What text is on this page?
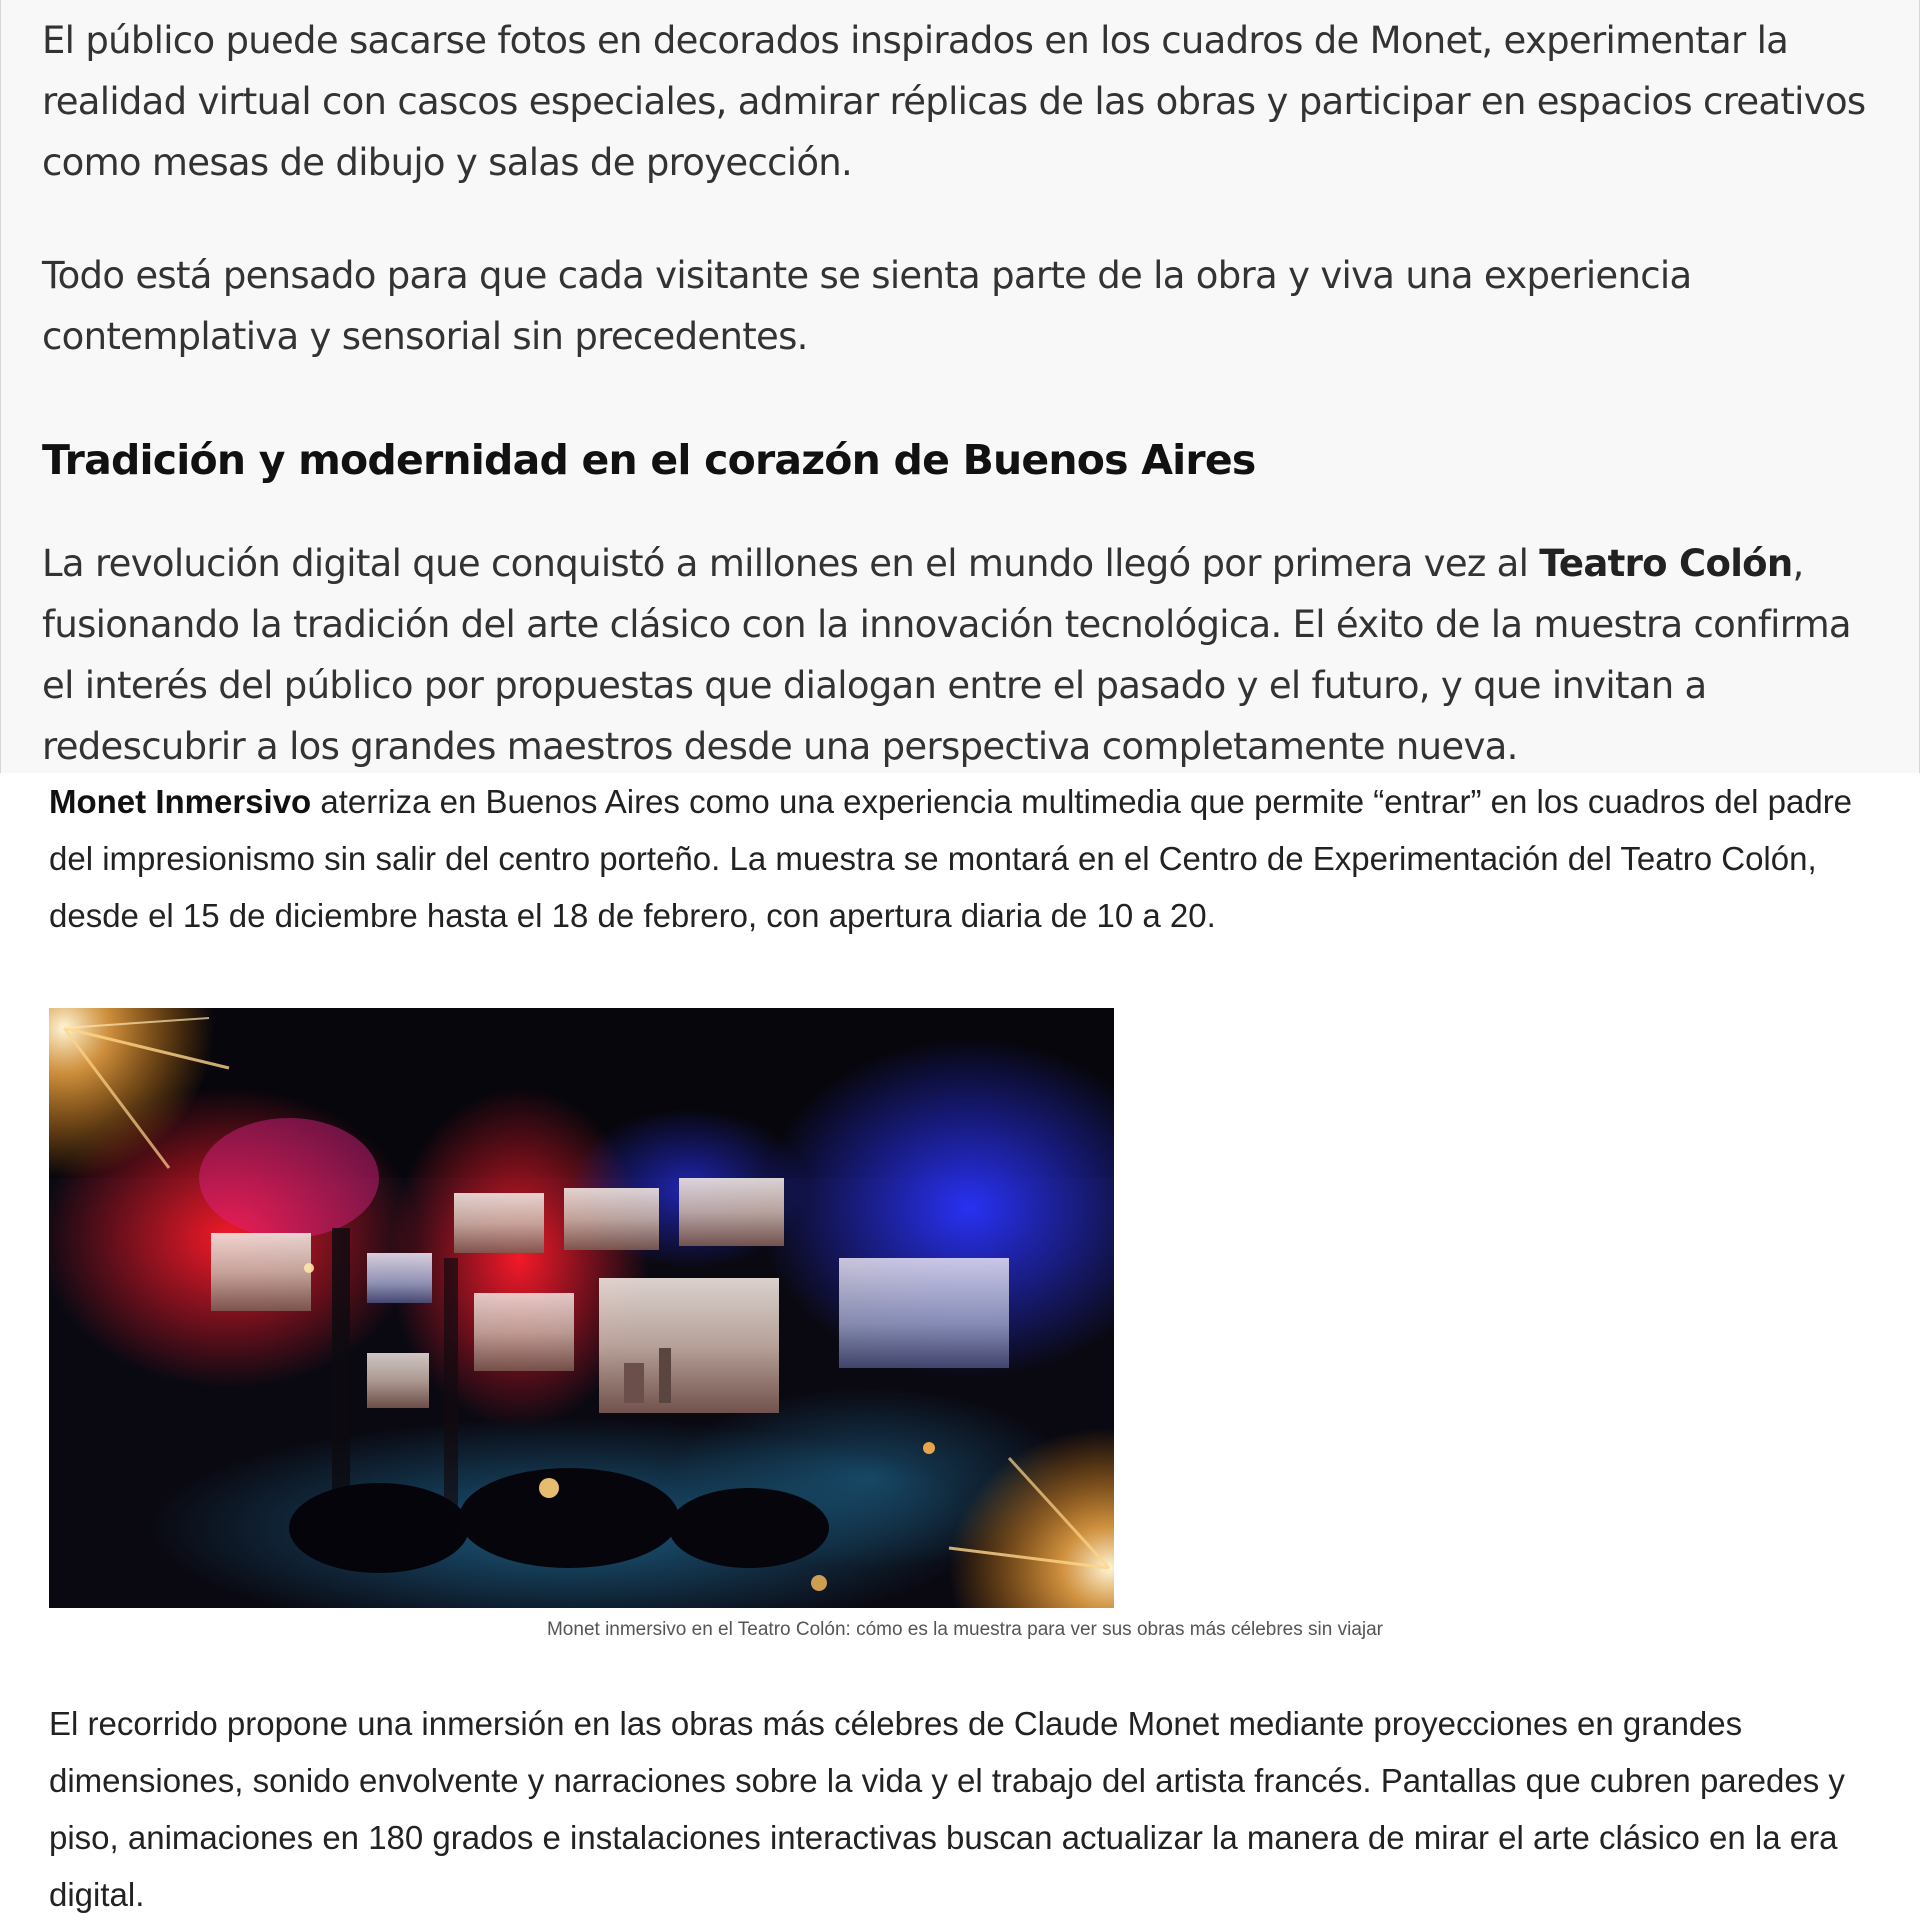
El público puede sacarse fotos en decorados inspirados en los cuadros de Monet, experimentar la realidad virtual con cascos especiales, admirar réplicas de las obras y participar en espacios creativos como mesas de dibujo y salas de proyección.

Todo está pensado para que cada visitante se sienta parte de la obra y viva una experiencia contemplativa y sensorial sin precedentes.

Tradición y modernidad en el corazón de Buenos Aires

La revolución digital que conquistó a millones en el mundo llegó por primera vez al Teatro Colón, fusionando la tradición del arte clásico con la innovación tecnológica. El éxito de la muestra confirma el interés del público por propuestas que dialogan entre el pasado y el futuro, y que invitan a redescubrir a los grandes maestros desde una perspectiva completamente nueva.

Monet Inmersivo aterriza en Buenos Aires como una experiencia multimedia que permite “entrar” en los cuadros del padre del impresionismo sin salir del centro porteño. La muestra se montará en el Centro de Experimentación del Teatro Colón, desde el 15 de diciembre hasta el 18 de febrero, con apertura diaria de 10 a 20.

Monet inmersivo en el Teatro Colón: cómo es la muestra para ver sus obras más célebres sin viajar

El recorrido propone una inmersión en las obras más célebres de Claude Monet mediante proyecciones en grandes dimensiones, sonido envolvente y narraciones sobre la vida y el trabajo del artista francés. Pantallas que cubren paredes y piso, animaciones en 180 grados e instalaciones interactivas buscan actualizar la manera de mirar el arte clásico en la era digital.
